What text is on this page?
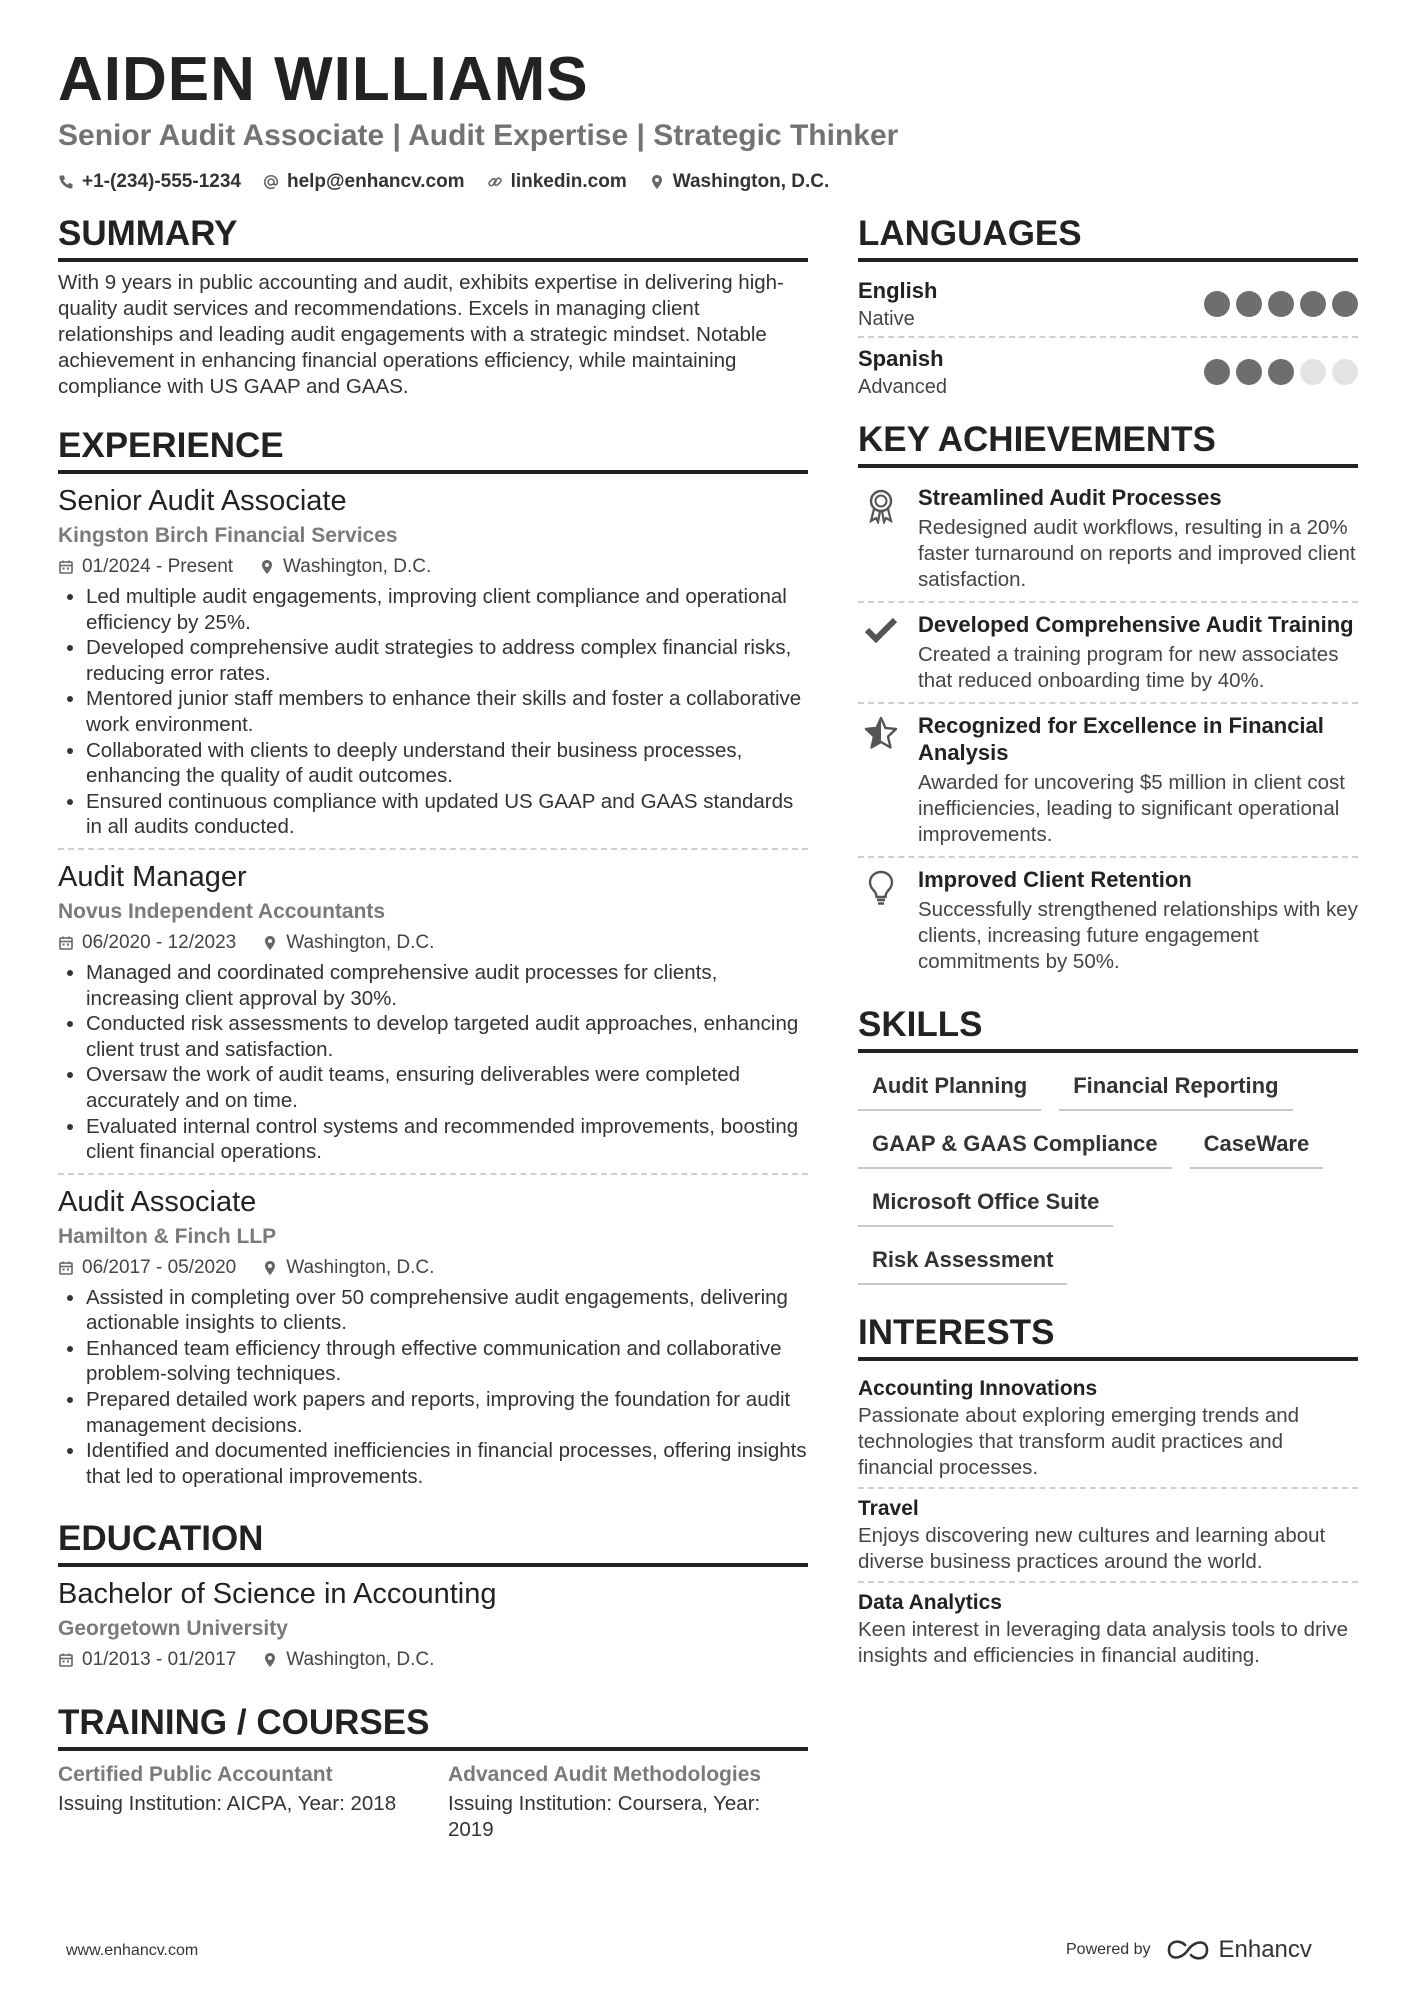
AIDEN WILLIAMS
Senior Audit Associate | Audit Expertise | Strategic Thinker
+1-(234)-555-1234 help@enhancv.com linkedin.com Washington, D.C.
SUMMARY

With 9 years in public accounting and audit, exhibits expertise in delivering high-quality audit services and recommendations. Excels in managing client relationships and leading audit engagements with a strategic mindset. Notable achievement in enhancing financial operations efficiency, while maintaining compliance with US GAAP and GAAS.

EXPERIENCE
Senior Audit Associate
Kingston Birch Financial Services
01/2024 - Present	Washington, D.C.
• Led multiple audit engagements, improving client compliance and operational efficiency by 25%.
• Developed comprehensive audit strategies to address complex financial risks, reducing error rates.
• Mentored junior staff members to enhance their skills and foster a collaborative work environment.
• Collaborated with clients to deeply understand their business processes, enhancing the quality of audit outcomes.
• Ensured continuous compliance with updated US GAAP and GAAS standards in all audits conducted.
Audit Manager
Novus Independent Accountants
06/2020 - 12/2023	Washington, D.C.
• Managed and coordinated comprehensive audit processes for clients, increasing client approval by 30%.
• Conducted risk assessments to develop targeted audit approaches, enhancing client trust and satisfaction.
• Oversaw the work of audit teams, ensuring deliverables were completed accurately and on time.
• Evaluated internal control systems and recommended improvements, boosting client financial operations.
Audit Associate
Hamilton & Finch LLP
06/2017 - 05/2020	Washington, D.C.
• Assisted in completing over 50 comprehensive audit engagements, delivering actionable insights to clients.
• Enhanced team efficiency through effective communication and collaborative problem-solving techniques.
• Prepared detailed work papers and reports, improving the foundation for audit management decisions.
• Identified and documented inefficiencies in financial processes, offering insights that led to operational improvements.
EDUCATION
Bachelor of Science in Accounting
Georgetown University
01/2013 - 01/2017	Washington, D.C.
TRAINING / COURSES
Certified Public Accountant
Issuing Institution: AICPA, Year: 2018
Advanced Audit Methodologies
Issuing Institution: Coursera, Year: 2019
LANGUAGES
English
Native
Spanish
Advanced
KEY ACHIEVEMENTS
Streamlined Audit Processes
Redesigned audit workflows, resulting in a 20% faster turnaround on reports and improved client satisfaction.
Developed Comprehensive Audit Training
Created a training program for new associates that reduced onboarding time by 40%.
Recognized for Excellence in Financial Analysis
Awarded for uncovering $5 million in client cost inefficiencies, leading to significant operational improvements.
Improved Client Retention
Successfully strengthened relationships with key clients, increasing future engagement commitments by 50%.
SKILLS
Audit Planning	Financial Reporting
GAAP & GAAS Compliance	CaseWare
Microsoft Office Suite
Risk Assessment
INTERESTS
Accounting Innovations
Passionate about exploring emerging trends and technologies that transform audit practices and financial processes.
Travel
Enjoys discovering new cultures and learning about diverse business practices around the world.
Data Analytics
Keen interest in leveraging data analysis tools to drive insights and efficiencies in financial auditing.
www.enhancv.com	Powered by	Enhancv
